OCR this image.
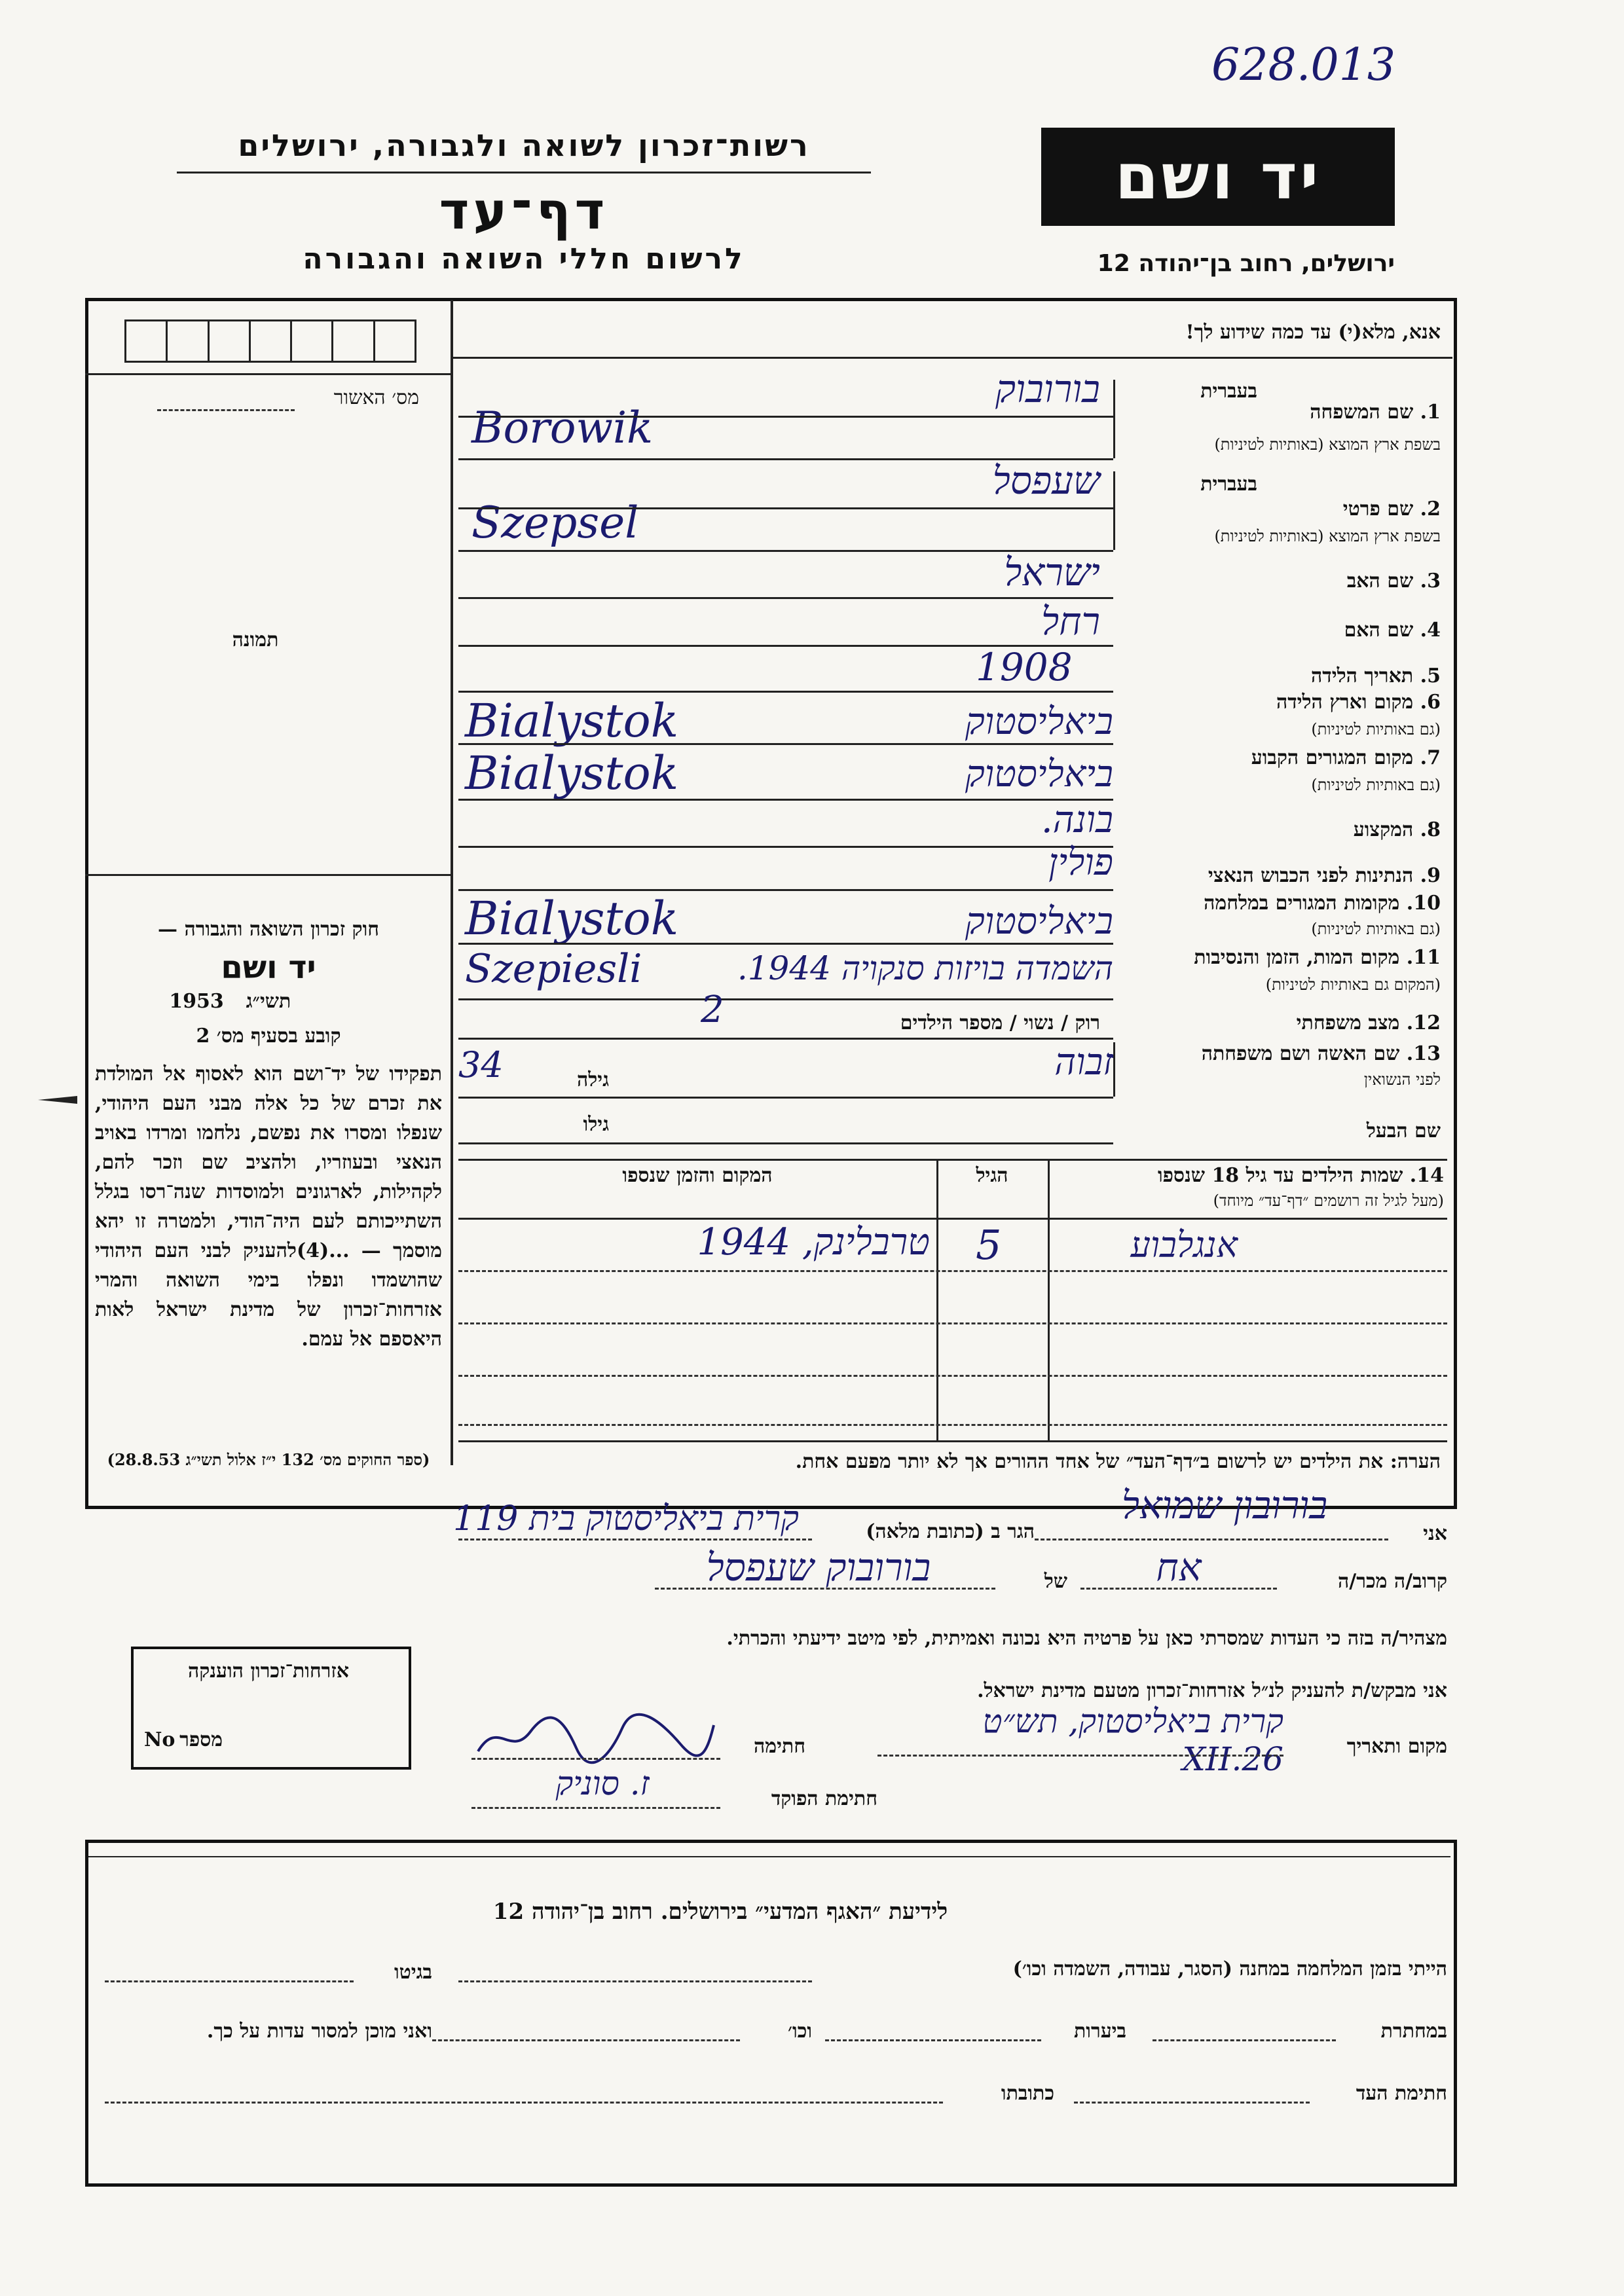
628.013
רשות־זכרון לשואה ולגבורה, ירושלים
דף־עד
לרשום חללי השואה והגבורה
יד ושם
ירושלים, רחוב בן־יהודה 12
מס׳ האשור
תמונה
אנא, מלא(י) עד כמה שידוע לך!
1. שם המשפחה
בעברית
בשפת ארץ המוצא (באותיות לטיניות)
בורובוק
Borowik
בעברית
2. שם פרטי
בשפת ארץ המוצא (באותיות לטיניות)
שעפסל
Szepsel
3. שם האב
ישראל
4. שם האם
רחל
5. תאריך הלידה
1908
6. מקום וארץ הלידה
(גם באותיות לטיניות)
ביאליסטוק
Bialystok
7. מקום המגורים הקבוע
(גם באותיות לטיניות)
ביאליסטוק
Bialystok
8. המקצוע
בונה.
9. הנתינות לפני הכבוש הנאצי
פולין
10. מקומות המגורים במלחמה
(גם באותיות לטיניות)
ביאליסטוק
Bialystok
11. מקום המות, הזמן והנסיבות
(המקום גם באותיות לטיניות)
השמדה בויזות סנקויה 1944.
Szepiesli
12. מצב משפחתי
רוק / נשוי / מספר הילדים
2
13. שם האשה ושם משפחתה
לפני הנשואין
זבוה
גילה
34
שם הבעל
גילו
14. שמות הילדים עד גיל 18 שנספו
(מעל לגיל זה רושמים ״דף־עד״ מיוחד)
הגיל
המקום והזמן שנספו
אנגלבוע
5
טרבלינק, 1944
חוק זכרון השואה והגבורה —
יד ושם
תשי״ג
1953
קובע בסעיף מס׳ 2
תפקידו של יד־ושם הוא לאסוף אל המולדת את זכרם של כל אלה מבני העם היהודי, שנפלו ומסרו את נפשם, נלחמו ומרדו באויב הנאצי ובעוזריו, ולהציב שם וזכר להם, לקהילות, לארגונים ולמוסדות שנה־רסו בגלל השתייכותם לעם היה־הודי, ולמטרה זו יהא מוסמך — ...(4)להעניק לבני העם היהודי שהושמדו ונפלו בימי השואה והמרי אזרחות־זכרון של מדינת ישראל לאות היאספם אל עמם.
(ספר החוקים מס׳ 132 י״ז אלול תשי״ג 28.8.53)	הערה: את הילדים יש לרשום ב״דף־העד״ של אחד ההורים אך לא יותר מפעם אחת.
אני
בורובון שמואל
הגר ב (כתובת מלאה)
קרית ביאליסטוק בית 119
קרוב/ה מכר/ה
אח
של
בורובוק שעפסל
מצהיר/ה בזה כי העדות שמסרתי כאן על פרטיה היא נכונה ואמיתית, לפי מיטב ידיעתי והכרתי.
אני מבקש/ת להעניק לנ״ל אזרחות־זכרון מטעם מדינת ישראל.
מקום ותאריך
קרית ביאליסטוק, תש״ט 26.XII
חתימה
חתימת הפוקד
ז. סוניק
אזרחות־זכרון הוענקה
מספר
No
לידיעת ״האגף המדעי״ בירושלים. רחוב בן־יהודה 12
הייתי בזמן המלחמה במחנה (הסגר, עבודה, השמדה וכו׳)
בגיטו
במחתרת
ביערות
וכו׳
ואני מוכן למסור עדות על כך.
חתימת העד
כתובתו
